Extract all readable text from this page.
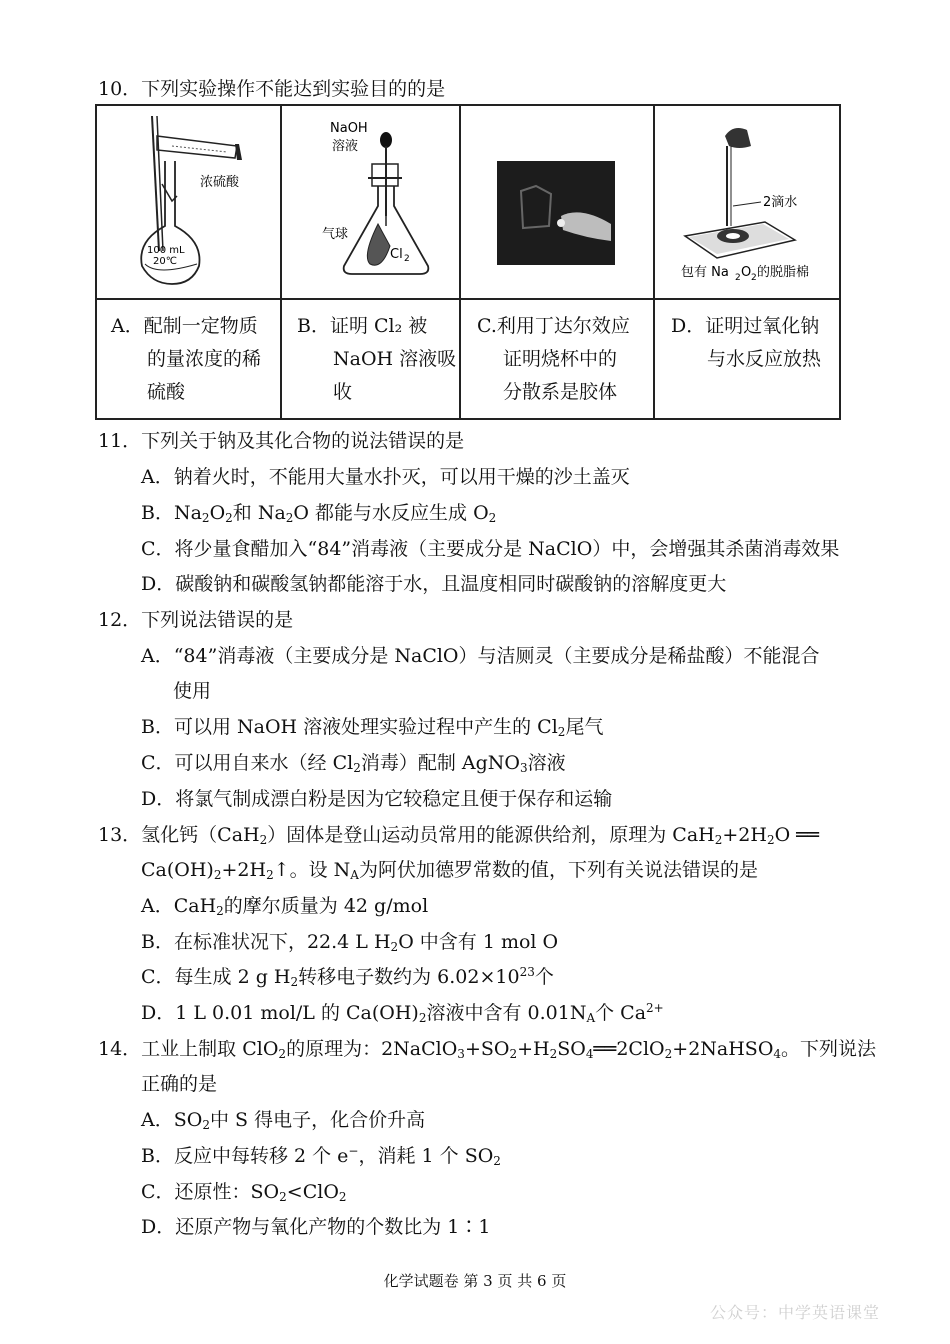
10．下列实验操作不能达到实验目的的是
100 mL
20℃
浓硫酸
NaOH
溶液
气球
Cl 2
2滴水
包有 Na 2 O 2 的脱脂棉
A．配制一定物质
的量浓度的稀
硫酸
B．证明 Cl₂ 被
NaOH 溶液吸
收
C.利用丁达尔效应
证明烧杯中的
分散系是胶体
D．证明过氧化钠
与水反应放热
11．下列关于钠及其化合物的说法错误的是
A．钠着火时，不能用大量水扑灭，可以用干燥的沙土盖灭
B．$Na_2O_2$和 $Na_2O$ 都能与水反应生成 $O_2$
C．将少量食醋加入“84”消毒液（主要成分是 NaClO）中，会增强其杀菌消毒效果
D．碳酸钠和碳酸氢钠都能溶于水，且温度相同时碳酸钠的溶解度更大
12．下列说法错误的是
A．“84”消毒液（主要成分是 NaClO）与洁厕灵（主要成分是稀盐酸）不能混合
使用
B．可以用 NaOH 溶液处理实验过程中产生的 $Cl_2$尾气
C．可以用自来水（经 $Cl_2$消毒）配制 AgNO$_3$溶液
D．将氯气制成漂白粉是因为它较稳定且便于保存和运输
13．氢化钙（CaH$_2$）固体是登山运动员常用的能源供给剂，原理为 $CaH_2+2H_2O$ ══
$Ca(OH)_2+2H_2↑$。设 $N_A$为阿伏加德罗常数的值，下列有关说法错误的是
A．CaH$_2$的摩尔质量为 42 g/mol
B．在标准状况下，22.4 L $H_2O$ 中含有 1 mol O
C．每生成 2 g $H_2$转移电子数约为 $6.02\times 10^{23}$个
D．1 L 0.01 mol/L 的 $Ca(OH)_2$溶液中含有 $0.01N_A$个 $Ca^{2+}$
14．工业上制取 ClO$_2$的原理为：$2NaClO_3+SO_2+H_2SO_4══2ClO_2+2NaHSO_4$。下列说法
正确的是
A．$SO_2$中 S 得电子，化合价升高
B．反应中每转移 2 个 e−，消耗 1 个 $SO_2$
C．还原性：$SO_2<ClO_2$
D．还原产物与氧化产物的个数比为 1∶1
化学试题卷 第 3 页 共 6 页
公众号：中学英语课堂
